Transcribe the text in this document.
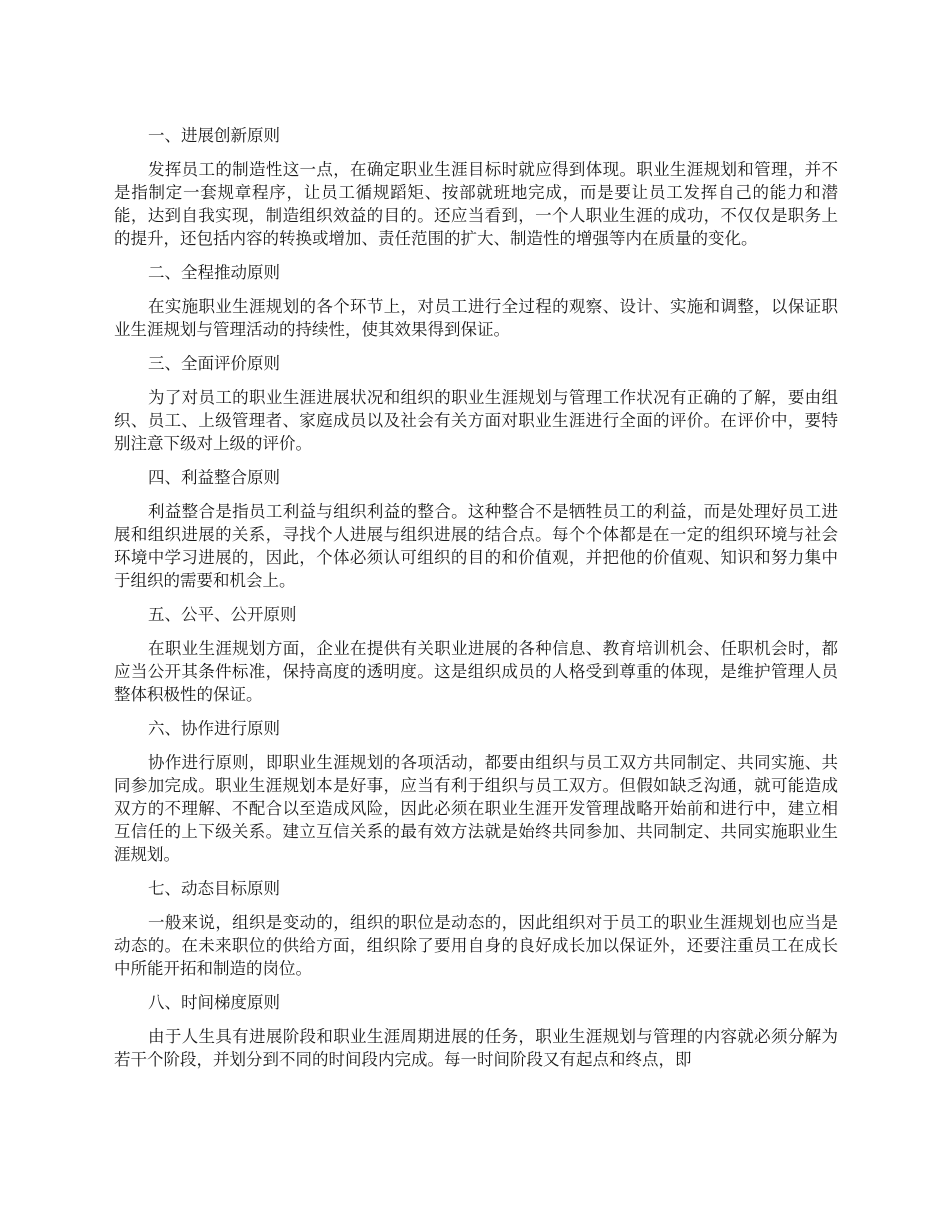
一、进展创新原则
发挥员工的制造性这一点，在确定职业生涯目标时就应得到体现。职业生涯规划和管理，并不是指制定一套规章程序，让员工循规蹈矩、按部就班地完成，而是要让员工发挥自己的能力和潜能，达到自我实现，制造组织效益的目的。还应当看到，一个人职业生涯的成功，不仅仅是职务上的提升，还包括内容的转换或增加、责任范围的扩大、制造性的增强等内在质量的变化。
二、全程推动原则
在实施职业生涯规划的各个环节上，对员工进行全过程的观察、设计、实施和调整，以保证职业生涯规划与管理活动的持续性，使其效果得到保证。
三、全面评价原则
为了对员工的职业生涯进展状况和组织的职业生涯规划与管理工作状况有正确的了解，要由组织、员工、上级管理者、家庭成员以及社会有关方面对职业生涯进行全面的评价。在评价中，要特别注意下级对上级的评价。
四、利益整合原则
利益整合是指员工利益与组织利益的整合。这种整合不是牺牲员工的利益，而是处理好员工进展和组织进展的关系，寻找个人进展与组织进展的结合点。每个个体都是在一定的组织环境与社会环境中学习进展的，因此，个体必须认可组织的目的和价值观，并把他的价值观、知识和努力集中于组织的需要和机会上。
五、公平、公开原则
在职业生涯规划方面，企业在提供有关职业进展的各种信息、教育培训机会、任职机会时，都应当公开其条件标准，保持高度的透明度。这是组织成员的人格受到尊重的体现，是维护管理人员整体积极性的保证。
六、协作进行原则
协作进行原则，即职业生涯规划的各项活动，都要由组织与员工双方共同制定、共同实施、共同参加完成。职业生涯规划本是好事，应当有利于组织与员工双方。但假如缺乏沟通，就可能造成双方的不理解、不配合以至造成风险，因此必须在职业生涯开发管理战略开始前和进行中，建立相互信任的上下级关系。建立互信关系的最有效方法就是始终共同参加、共同制定、共同实施职业生涯规划。
七、动态目标原则
一般来说，组织是变动的，组织的职位是动态的，因此组织对于员工的职业生涯规划也应当是动态的。在未来职位的供给方面，组织除了要用自身的良好成长加以保证外，还要注重员工在成长中所能开拓和制造的岗位。
八、时间梯度原则
由于人生具有进展阶段和职业生涯周期进展的任务，职业生涯规划与管理的内容就必须分解为若干个阶段，并划分到不同的时间段内完成。每一时间阶段又有起点和终点，即
